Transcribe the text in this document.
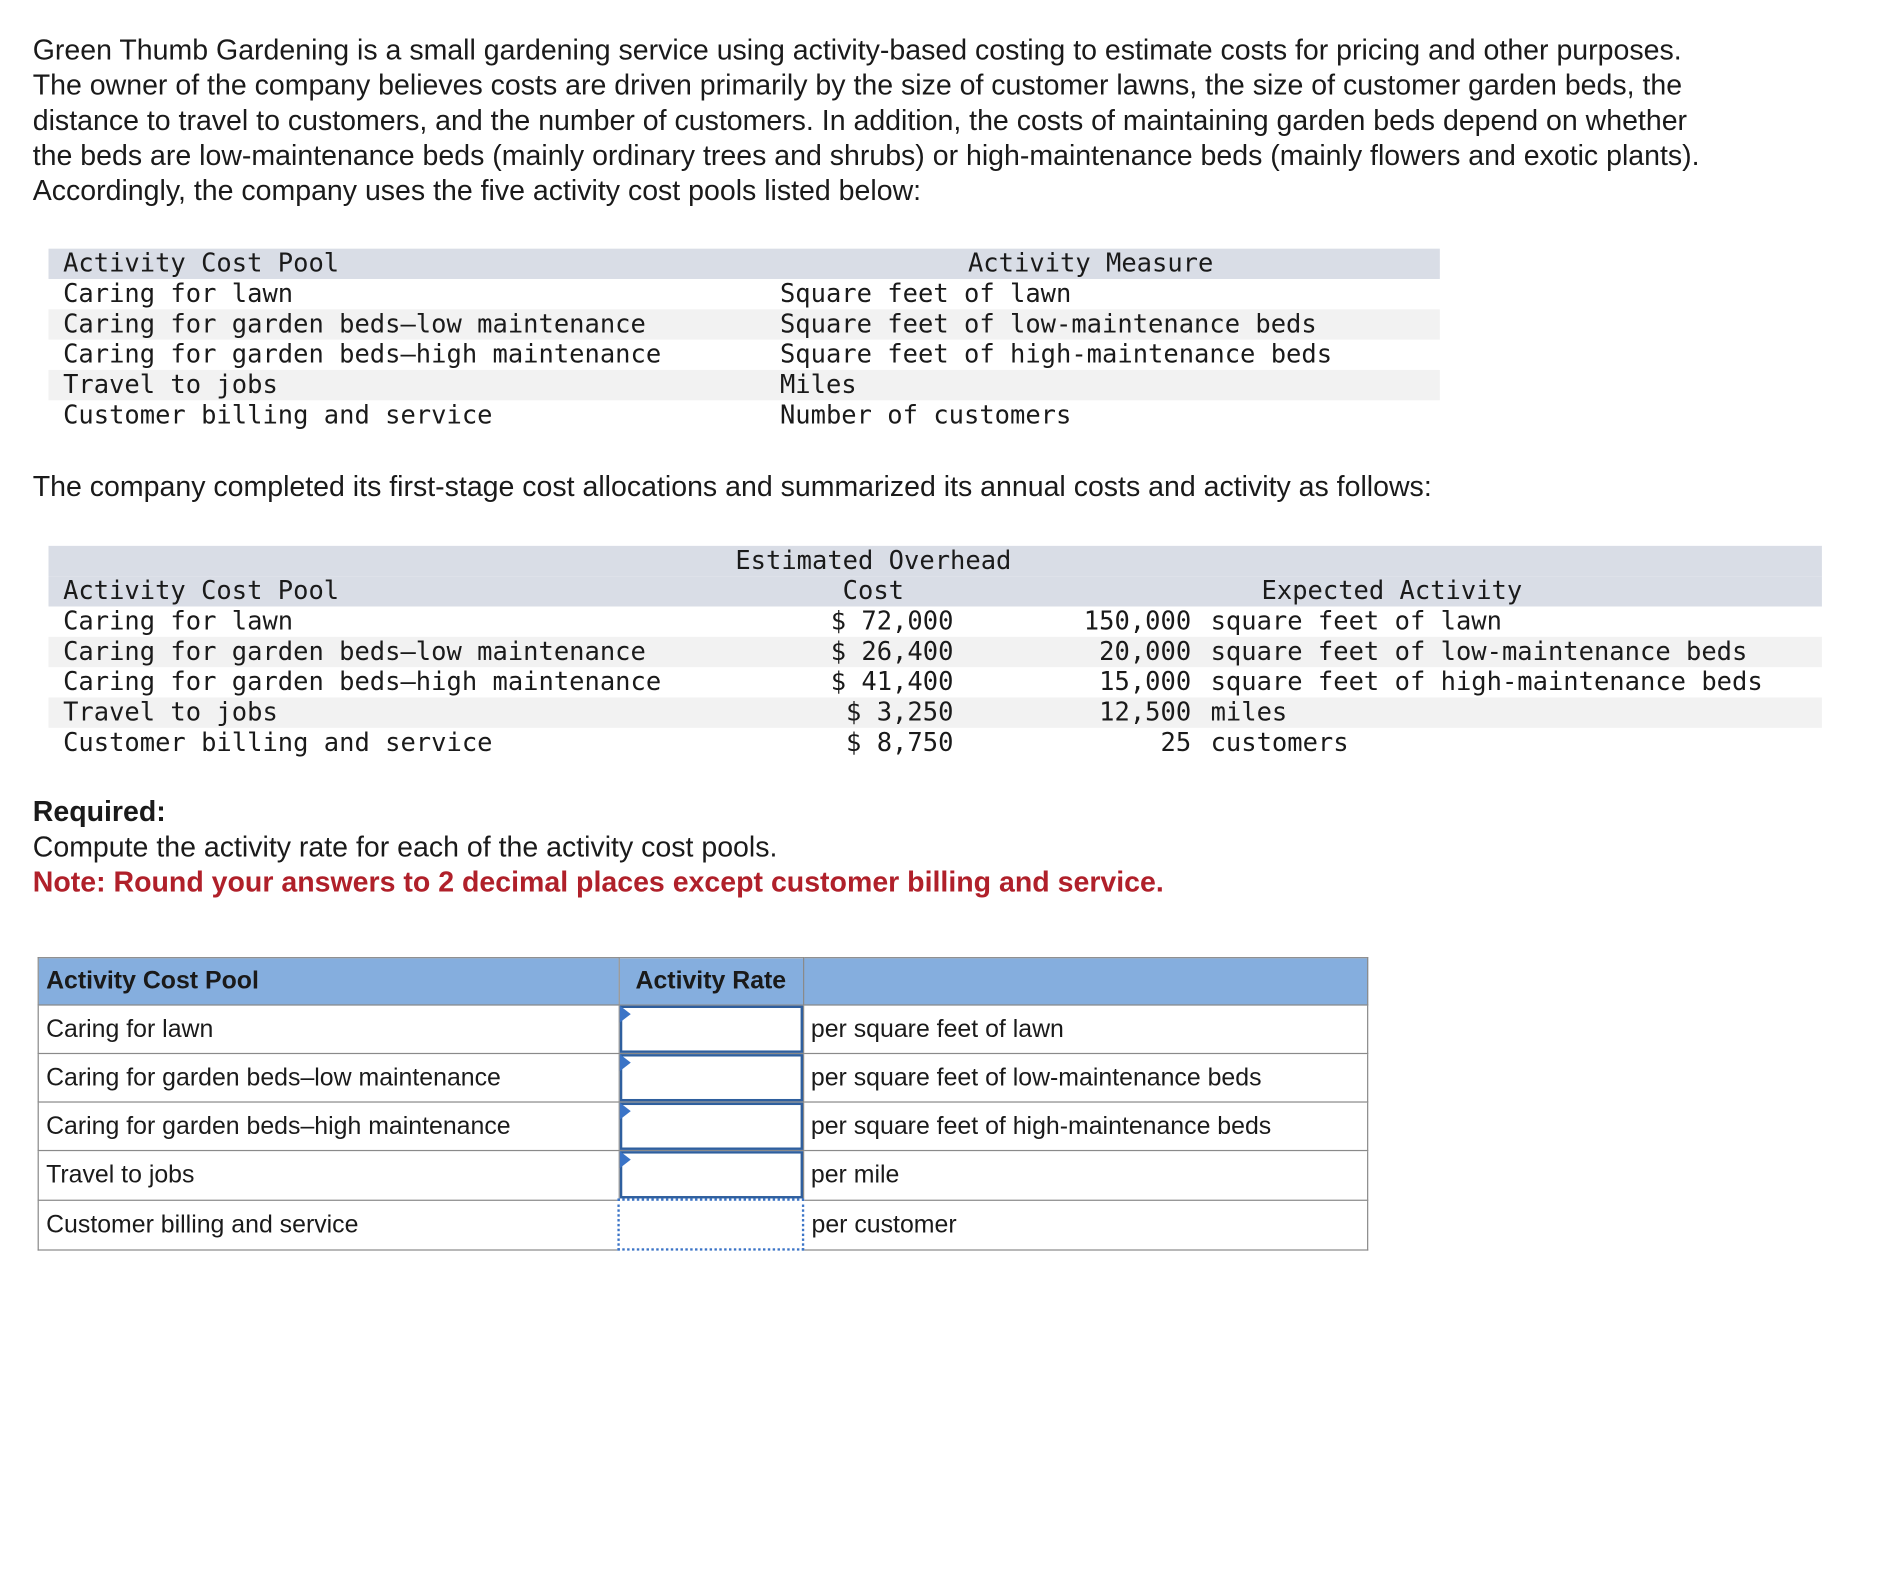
Green Thumb Gardening is a small gardening service using activity-based costing to estimate costs for pricing and other purposes.
The owner of the company believes costs are driven primarily by the size of customer lawns, the size of customer garden beds, the
distance to travel to customers, and the number of customers. In addition, the costs of maintaining garden beds depend on whether
the beds are low-maintenance beds (mainly ordinary trees and shrubs) or high-maintenance beds (mainly flowers and exotic plants).
Accordingly, the company uses the five activity cost pools listed below:
Activity Cost Pool	Activity Measure
Caring for lawn	Square feet of lawn
Caring for garden beds–low maintenance	Square feet of low-maintenance beds
Caring for garden beds–high maintenance	Square feet of high-maintenance beds
Travel to jobs	Miles
Customer billing and service	Number of customers
The company completed its first-stage cost allocations and summarized its annual costs and activity as follows:
Estimated Overhead
Activity Cost Pool	Cost	Expected Activity
Caring for lawn	$ 72,000	150,000 square feet of lawn
Caring for garden beds–low maintenance	$ 26,400	20,000 square feet of low-maintenance beds
Caring for garden beds–high maintenance	$ 41,400	15,000 square feet of high-maintenance beds
Travel to jobs	$ 3,250	12,500 miles
Customer billing and service	$ 8,750	25 customers
Required:
Compute the activity rate for each of the activity cost pools.
Note: Round your answers to 2 decimal places except customer billing and service.
Activity Cost Pool	Activity Rate	
Caring for lawn		per square feet of lawn
Caring for garden beds–low maintenance		per square feet of low-maintenance beds
Caring for garden beds–high maintenance		per square feet of high-maintenance beds
Travel to jobs		per mile
Customer billing and service		per customer
